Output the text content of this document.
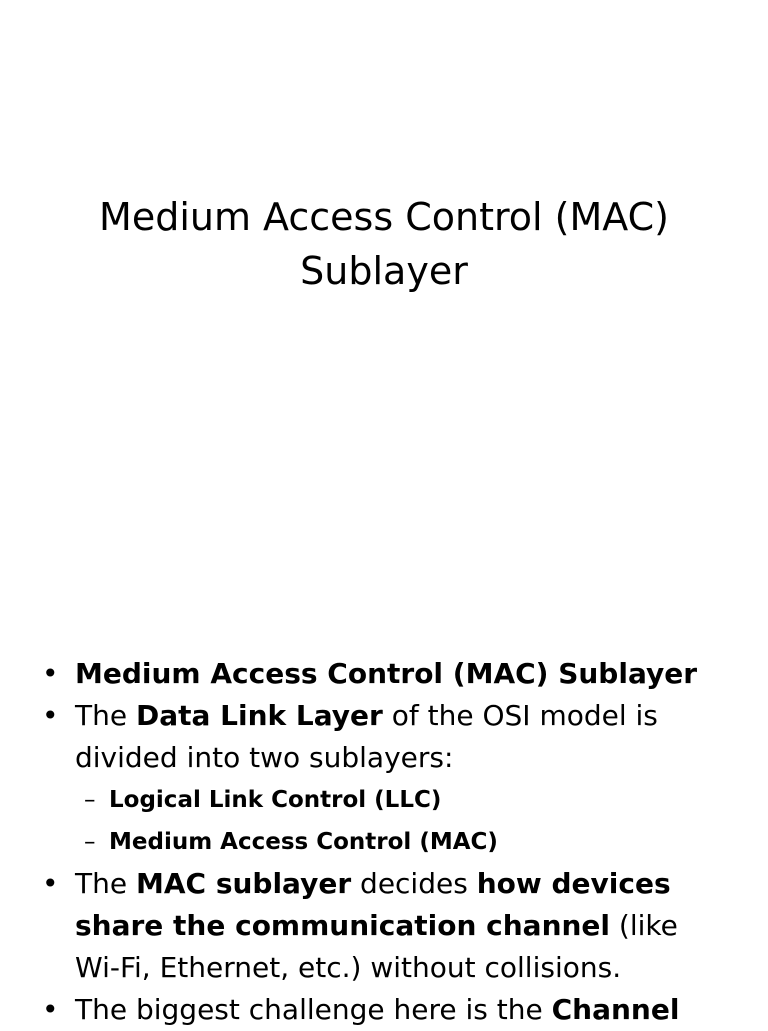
Medium Access Control (MAC)
Sublayer
• Medium Access Control (MAC) Sublayer
• The Data Link Layer of the OSI model is divided into two sublayers:
– Logical Link Control (LLC)
– Medium Access Control (MAC)
• The MAC sublayer decides how devices share the communication channel (like Wi-Fi, Ethernet, etc.) without collisions.
• The biggest challenge here is the Channel
